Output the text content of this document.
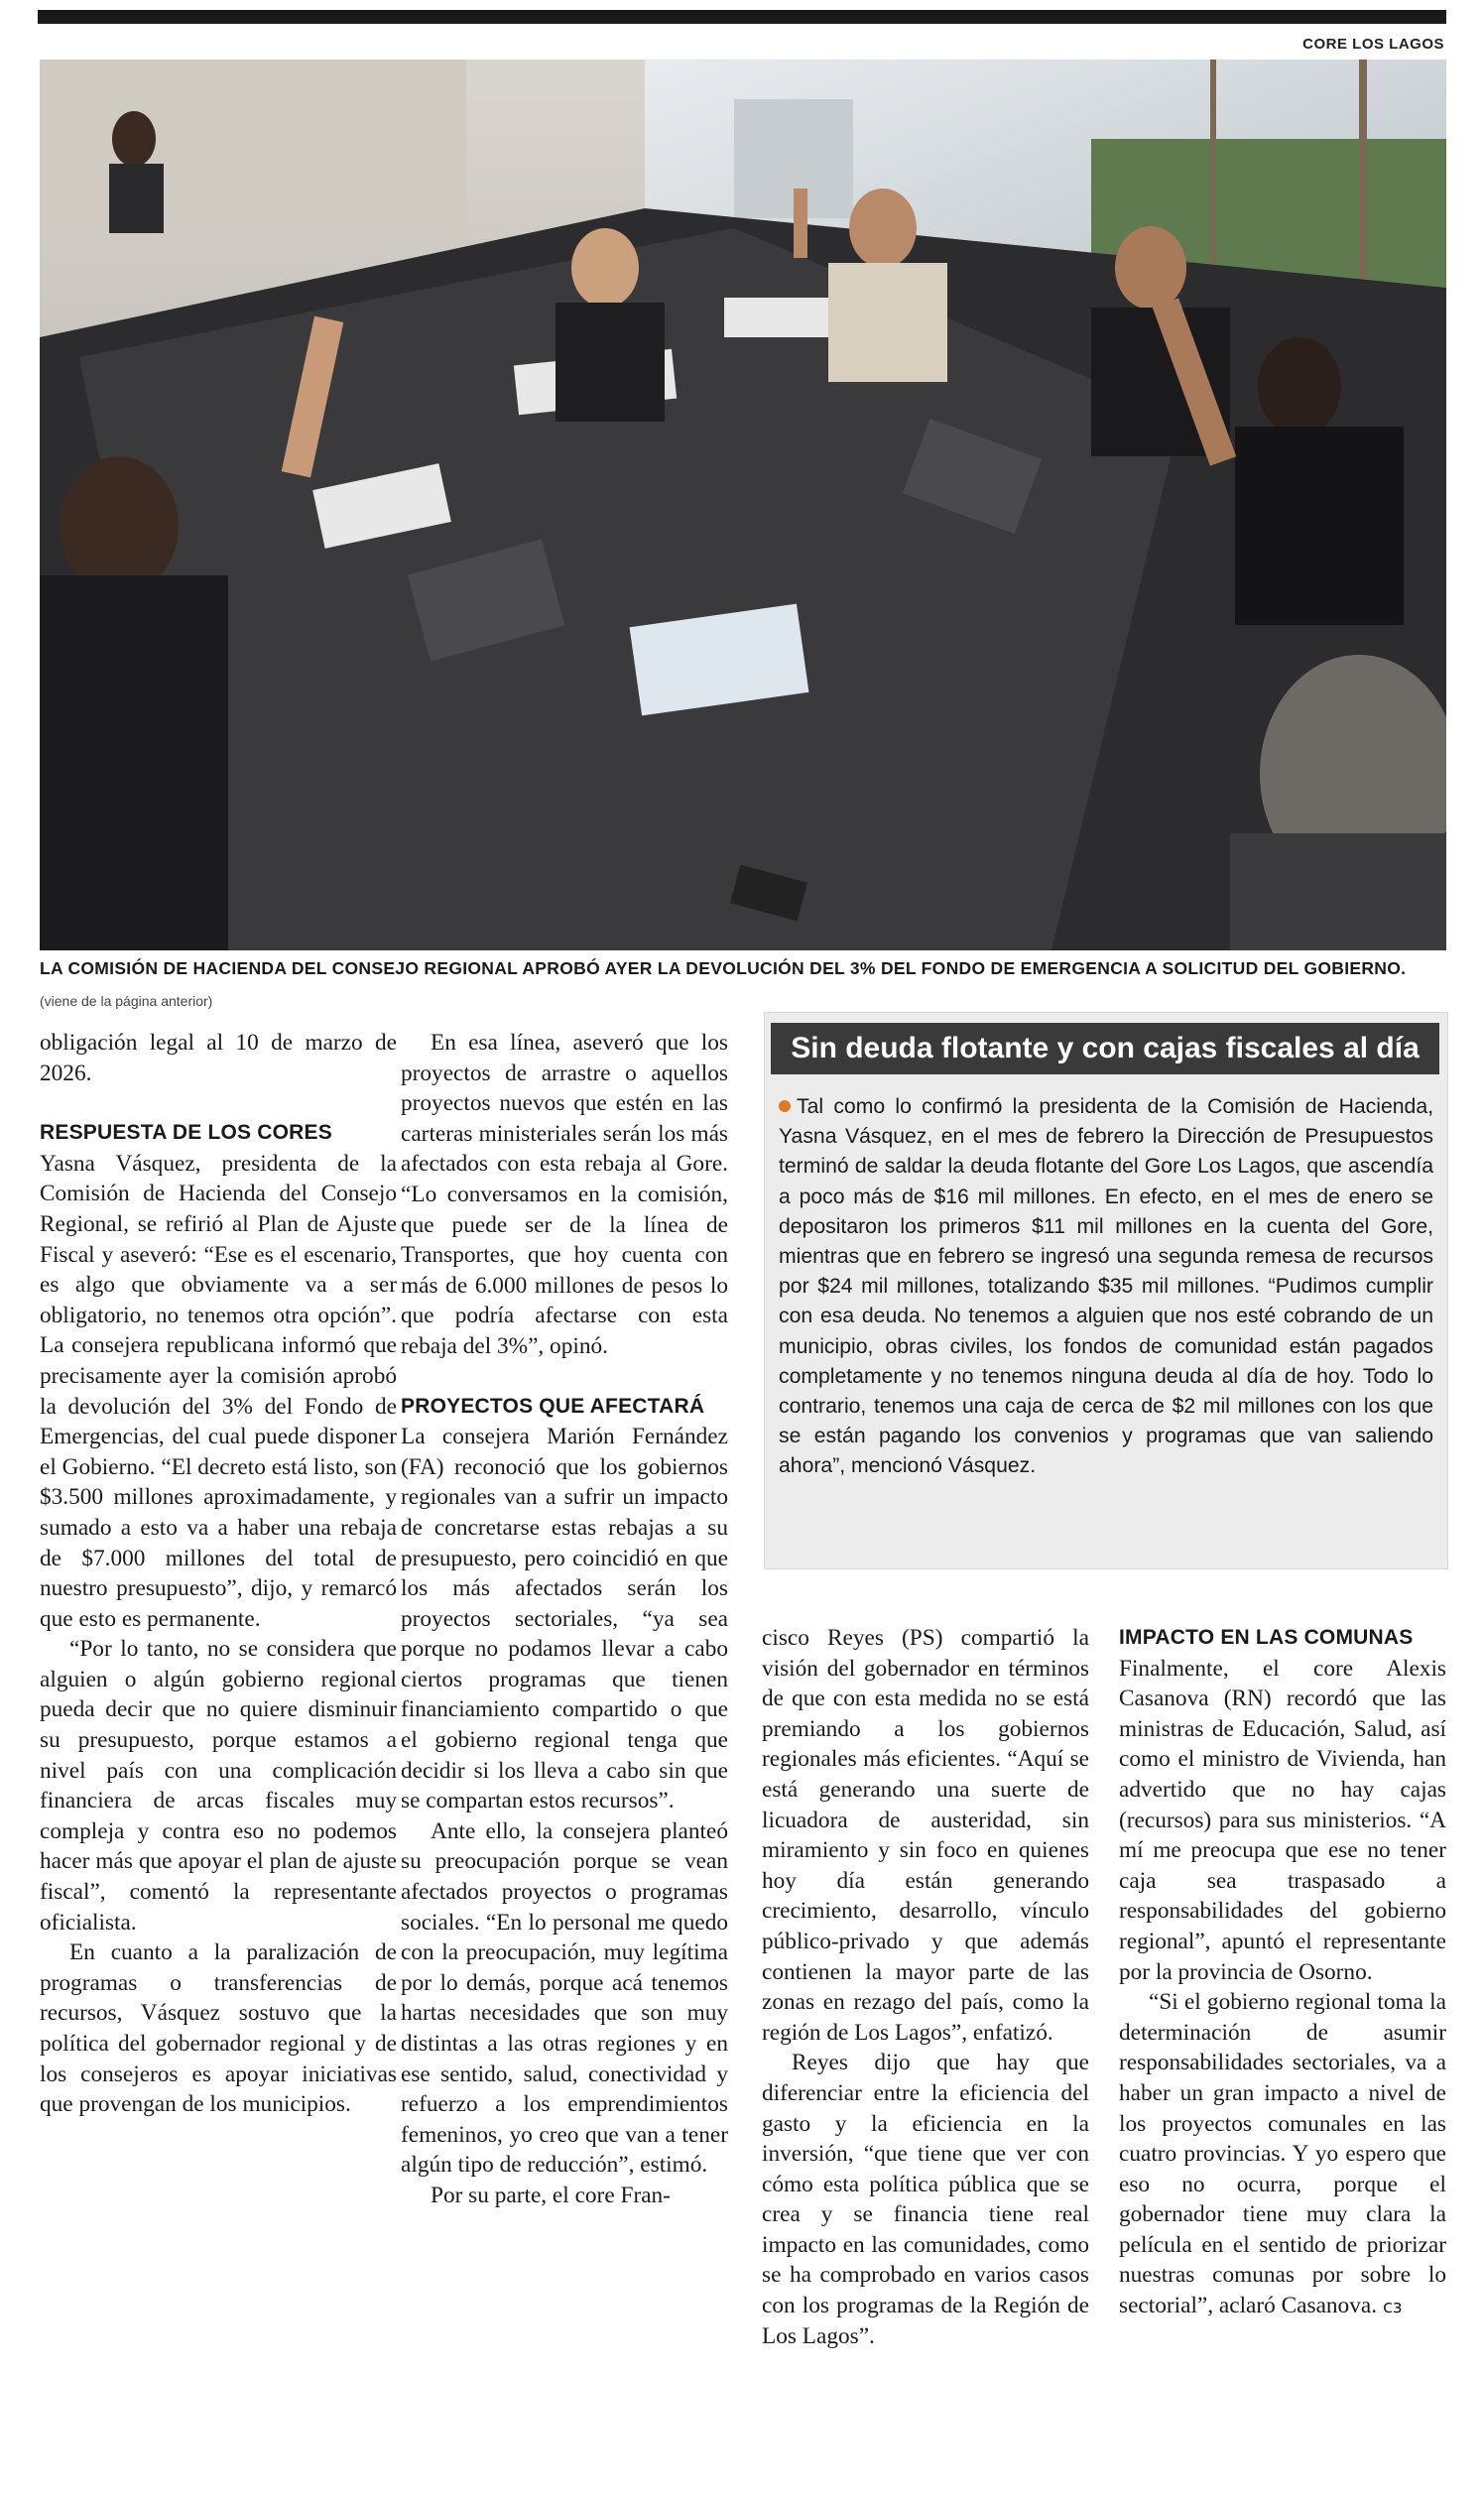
CORE LOS LAGOS
LA COMISIÓN DE HACIENDA DEL CONSEJO REGIONAL APROBÓ AYER LA DEVOLUCIÓN DEL 3% DEL FONDO DE EMERGENCIA A SOLICITUD DEL GOBIERNO.
(viene de la página anterior)

obligación legal al 10 de marzo de 2026.

RESPUESTA DE LOS CORES

Yasna Vásquez, presidenta de la Comisión de Hacienda del Consejo Regional, se refirió al Plan de Ajuste Fiscal y aseveró: “Ese es el escenario, es algo que obviamente va a ser obligatorio, no tenemos otra opción”. La consejera republicana informó que precisamente ayer la comisión aprobó la devolución del 3% del Fondo de Emergencias, del cual puede disponer el Gobierno. “El decreto está listo, son $3.500 millones aproximadamente, y sumado a esto va a haber una rebaja de $7.000 millones del total de nuestro presupuesto”, dijo, y remarcó que esto es permanente.

“Por lo tanto, no se considera que alguien o algún gobierno regional pueda decir que no quiere disminuir su presupuesto, porque estamos a nivel país con una complicación financiera de arcas fiscales muy compleja y contra eso no podemos hacer más que apoyar el plan de ajuste fiscal”, comentó la representante oficialista.

En cuanto a la paralización de programas o transferencias de recursos, Vásquez sostuvo que la política del gobernador regional y de los consejeros es apoyar iniciativas que provengan de los municipios.

En esa línea, aseveró que los proyectos de arrastre o aquellos proyectos nuevos que estén en las carteras ministeriales serán los más afectados con esta rebaja al Gore. “Lo conversamos en la comisión, que puede ser de la línea de Transportes, que hoy cuenta con más de 6.000 millones de pesos lo que podría afectarse con esta rebaja del 3%”, opinó.

PROYECTOS QUE AFECTARÁ

La consejera Marión Fernández (FA) reconoció que los gobiernos regionales van a sufrir un impacto de concretarse estas rebajas a su presupuesto, pero coincidió en que los más afectados serán los proyectos sectoriales, “ya sea porque no podamos llevar a cabo ciertos programas que tienen financiamiento compartido o que el gobierno regional tenga que decidir si los lleva a cabo sin que se compartan estos recursos”.

Ante ello, la consejera planteó su preocupación porque se vean afectados proyectos o programas sociales. “En lo personal me quedo con la preocupación, muy legítima por lo demás, porque acá tenemos hartas necesidades que son muy distintas a las otras regiones y en ese sentido, salud, conectividad y refuerzo a los emprendimientos femeninos, yo creo que van a tener algún tipo de reducción”, estimó.

Por su parte, el core Fran-

Sin deuda flotante y con cajas fiscales al día
Tal como lo confirmó la presidenta de la Comisión de Hacienda, Yasna Vásquez, en el mes de febrero la Dirección de Presupuestos terminó de saldar la deuda flotante del Gore Los Lagos, que ascendía a poco más de $16 mil millones. En efecto, en el mes de enero se depositaron los primeros $11 mil millones en la cuenta del Gore, mientras que en febrero se ingresó una segunda remesa de recursos por $24 mil millones, totalizando $35 mil millones. “Pudimos cumplir con esa deuda. No tenemos a alguien que nos esté cobrando de un municipio, obras civiles, los fondos de comunidad están pagados completamente y no tenemos ninguna deuda al día de hoy. Todo lo contrario, tenemos una caja de cerca de $2 mil millones con los que se están pagando los convenios y programas que van saliendo ahora”, mencionó Vásquez.

cisco Reyes (PS) compartió la visión del gobernador en términos de que con esta medida no se está premiando a los gobiernos regionales más eficientes. “Aquí se está generando una suerte de licuadora de austeridad, sin miramiento y sin foco en quienes hoy día están generando crecimiento, desarrollo, vínculo público-privado y que además contienen la mayor parte de las zonas en rezago del país, como la región de Los Lagos”, enfatizó.

Reyes dijo que hay que diferenciar entre la eficiencia del gasto y la eficiencia en la inversión, “que tiene que ver con cómo esta política pública que se crea y se financia tiene real impacto en las comunidades, como se ha comprobado en varios casos con los programas de la Región de Los Lagos”.

IMPACTO EN LAS COMUNAS

Finalmente, el core Alexis Casanova (RN) recordó que las ministras de Educación, Salud, así como el ministro de Vivienda, han advertido que no hay cajas (recursos) para sus ministerios. “A mí me preocupa que ese no tener caja sea traspasado a responsabilidades del gobierno regional”, apuntó el representante por la provincia de Osorno.

“Si el gobierno regional toma la determinación de asumir responsabilidades sectoriales, va a haber un gran impacto a nivel de los proyectos comunales en las cuatro provincias. Y yo espero que eso no ocurra, porque el gobernador tiene muy clara la película en el sentido de priorizar nuestras comunas por sobre lo sectorial”, aclaró Casanova. cз
